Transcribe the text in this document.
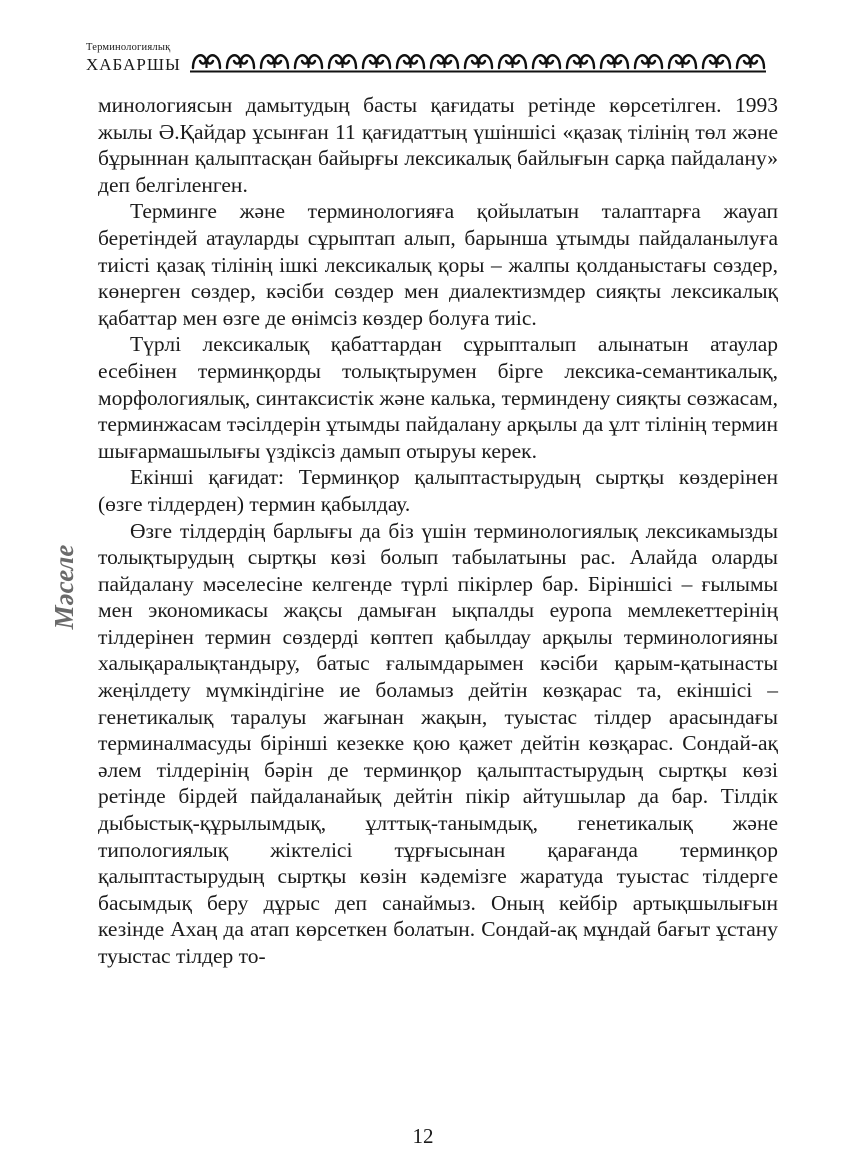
Терминологиялық
ХАБАРШЫ
Мәселе

минологиясын дамытудың басты қағидаты ретінде көрсетілген. 1993 жылы Ә.Қайдар ұсынған 11 қағидаттың үшіншісі «қазақ тілінің төл және бұрыннан қалыптасқан байырғы лексикалық байлығын сарқа пайдалану» деп белгіленген.

Терминге және терминологияға қойылатын талаптарға жауап беретіндей атауларды сұрыптап алып, барынша ұтымды пайдаланылуға тиісті қазақ тілінің ішкі лексикалық қоры – жалпы қолданыстағы сөздер, көнерген сөздер, кәсіби сөздер мен диалектизмдер сияқты лексикалық қабаттар мен өзге де өнімсіз көздер болуға тиіс.

Түрлі лексикалық қабаттардан сұрыпталып алынатын атаулар есебінен терминқорды толықтырумен бірге лексика-семантикалық, морфологиялық, синтаксистік және калька, терминдену сияқты сөзжасам, терминжасам тәсілдерін ұтымды пайдалану арқылы да ұлт тілінің термин шығармашылығы үздіксіз дамып отыруы керек.

Екінші қағидат: Терминқор қалыптастырудың сыртқы көздерінен (өзге тілдерден) термин қабылдау.

Өзге тілдердің барлығы да біз үшін терминологиялық лексикамызды толықтырудың сыртқы көзі болып табылатыны рас. Алайда оларды пайдалану мәселесіне келгенде түрлі пікірлер бар. Біріншісі – ғылымы мен экономикасы жақсы дамыған ықпалды еуропа мемлекеттерінің тілдерінен термин сөздерді көптеп қабылдау арқылы терминологияны халықаралықтандыру, батыс ғалымдарымен кәсіби қарым-қатынасты жеңілдету мүмкіндігіне ие боламыз дейтін көзқарас та, екіншісі – генетикалық таралуы жағынан жақын, туыстас тілдер арасындағы терминалмасуды бірінші кезекке қою қажет дейтін көзқарас. Сондай-ақ әлем тілдерінің бәрін де терминқор қалыптастырудың сыртқы көзі ретінде бірдей пайдаланайық дейтін пікір айтушылар да бар. Тілдік дыбыстық-құрылымдық, ұлттық-танымдық, генетикалық және типологиялық жіктелісі тұрғысынан қарағанда терминқор қалыптастырудың сыртқы көзін кәдемізге жаратуда туыстас тілдерге басымдық беру дұрыс деп санаймыз. Оның кейбір артықшылығын кезінде Ахаң да атап көрсеткен болатын. Сондай-ақ мұндай бағыт ұстану туыстас тілдер то-

12
